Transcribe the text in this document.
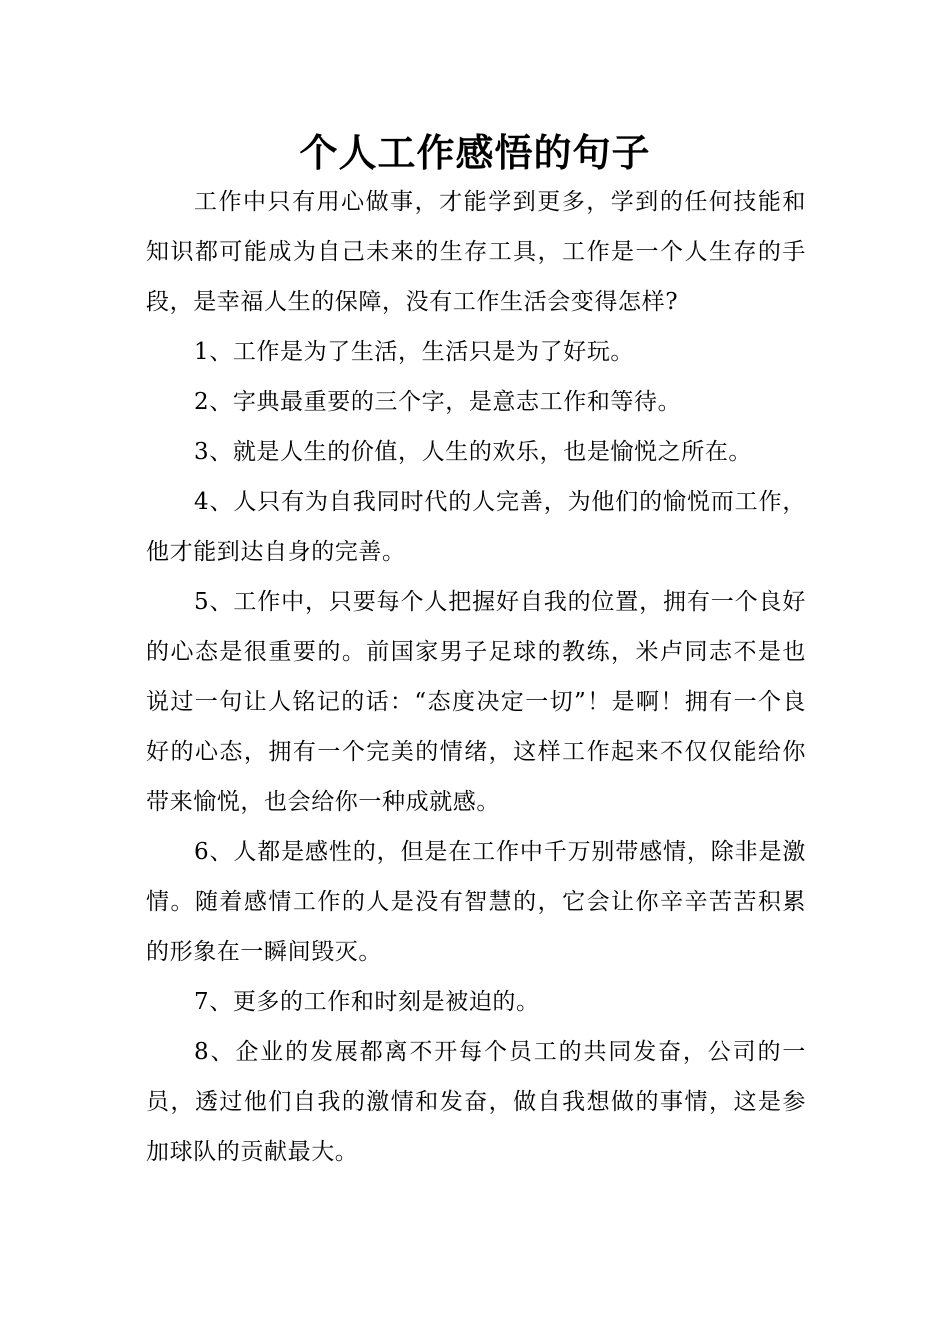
个人工作感悟的句子

工作中只有用心做事，才能学到更多，学到的任何技能和知识都可能成为自己未来的生存工具，工作是一个人生存的手段，是幸福人生的保障，没有工作生活会变得怎样?

1、工作是为了生活，生活只是为了好玩。

2、字典最重要的三个字，是意志工作和等待。

3、就是人生的价值，人生的欢乐，也是愉悦之所在。

4、人只有为自我同时代的人完善，为他们的愉悦而工作，他才能到达自身的完善。

5、工作中，只要每个人把握好自我的位置，拥有一个良好的心态是很重要的。前国家男子足球的教练，米卢同志不是也说过一句让人铭记的话：“态度决定一切”！是啊！拥有一个良好的心态，拥有一个完美的情绪，这样工作起来不仅仅能给你带来愉悦，也会给你一种成就感。

6、人都是感性的，但是在工作中千万别带感情，除非是激情。随着感情工作的人是没有智慧的，它会让你辛辛苦苦积累的形象在一瞬间毁灭。

7、更多的工作和时刻是被迫的。

8、企业的发展都离不开每个员工的共同发奋，公司的一员，透过他们自我的激情和发奋，做自我想做的事情，这是参加球队的贡献最大。
